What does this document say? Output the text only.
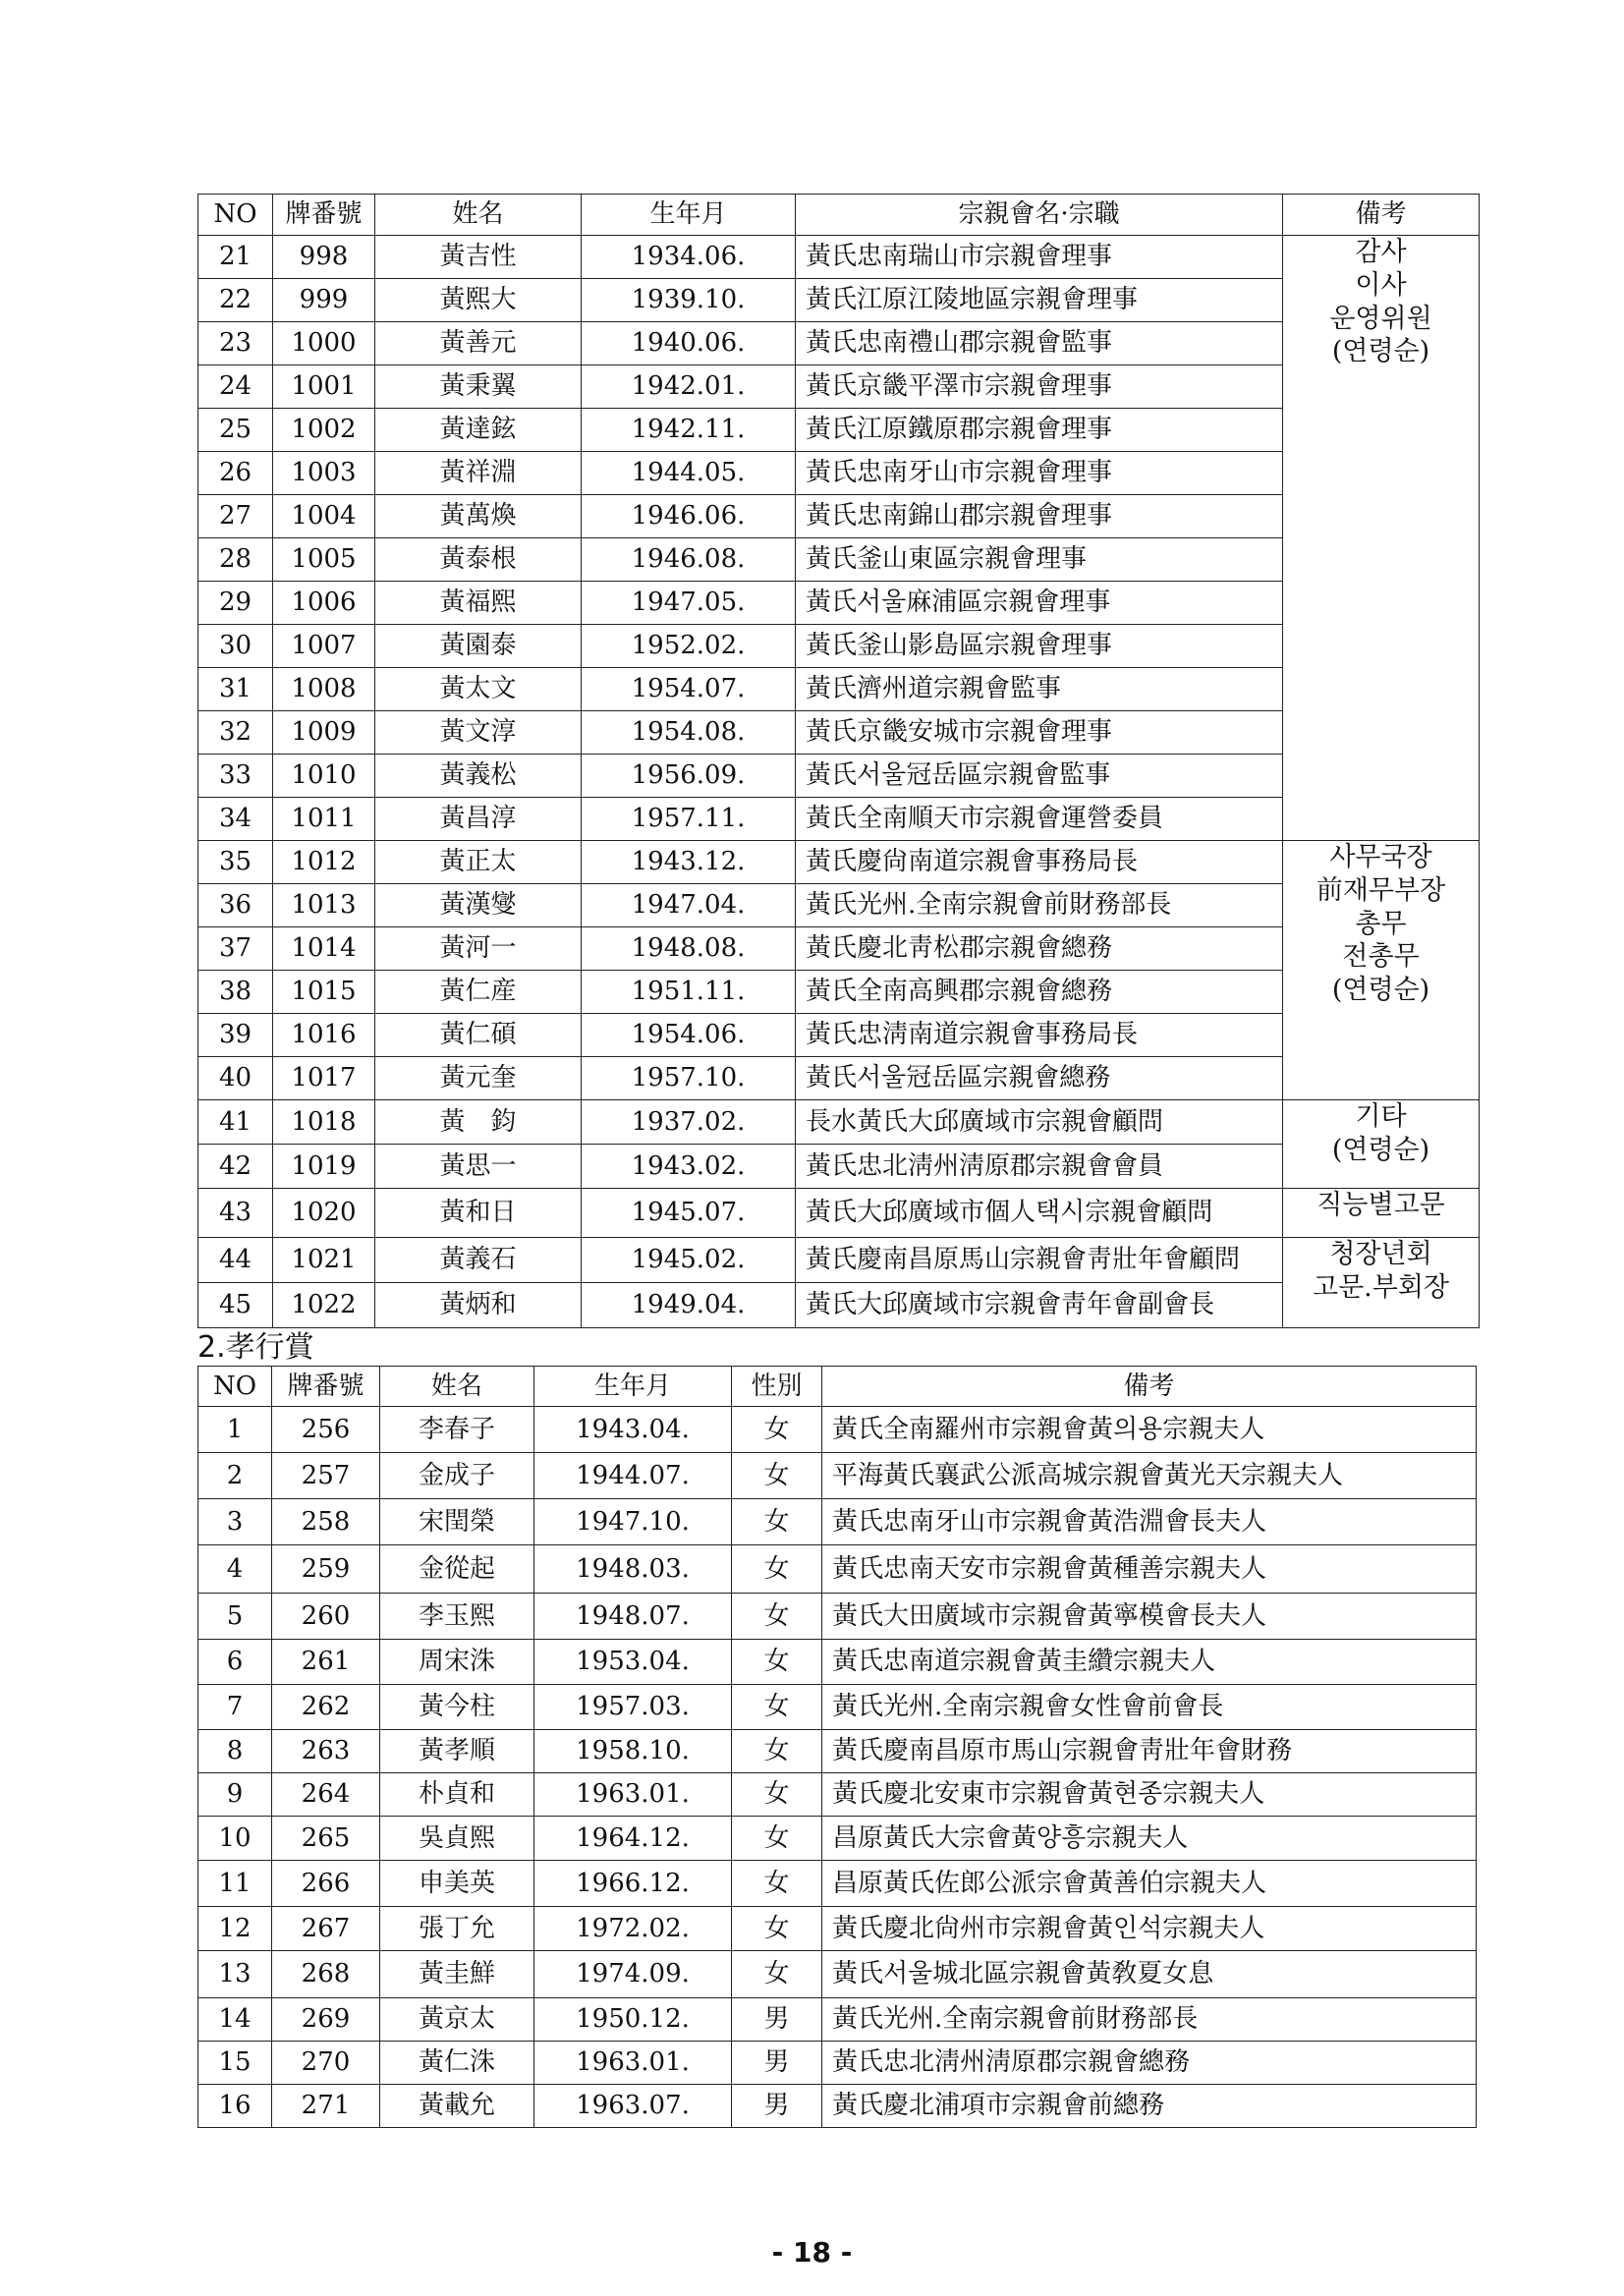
NO	牌番號	姓名	生年月	宗親會名·宗職	備考
21	998	黃吉性	1934.06.	黃氏忠南瑞山市宗親會理事	감사
이사
운영위원
(연령순)

22	999	黃熙大	1939.10.	黃氏江原江陵地區宗親會理事	
23	1000	黃善元	1940.06.	黃氏忠南禮山郡宗親會監事	
24	1001	黃秉翼	1942.01.	黃氏京畿平澤市宗親會理事	
25	1002	黃達鉉	1942.11.	黃氏江原鐵原郡宗親會理事	
26	1003	黃祥淵	1944.05.	黃氏忠南牙山市宗親會理事	
27	1004	黃萬煥	1946.06.	黃氏忠南錦山郡宗親會理事	
28	1005	黃泰根	1946.08.	黃氏釜山東區宗親會理事	
29	1006	黃福熙	1947.05.	黃氏서울麻浦區宗親會理事	
30	1007	黃園泰	1952.02.	黃氏釜山影島區宗親會理事	
31	1008	黃太文	1954.07.	黃氏濟州道宗親會監事	
32	1009	黃文淳	1954.08.	黃氏京畿安城市宗親會理事	
33	1010	黃義松	1956.09.	黃氏서울冠岳區宗親會監事	
34	1011	黃昌淳	1957.11.	黃氏全南順天市宗親會運營委員	
35	1012	黃正太	1943.12.	黃氏慶尙南道宗親會事務局長	사무국장
前재무부장
총무
전총무
(연령순)

36	1013	黃漢燮	1947.04.	黃氏光州.全南宗親會前財務部長	
37	1014	黃河一	1948.08.	黃氏慶北靑松郡宗親會總務	
38	1015	黃仁産	1951.11.	黃氏全南高興郡宗親會總務	
39	1016	黃仁碩	1954.06.	黃氏忠淸南道宗親會事務局長	
40	1017	黃元奎	1957.10.	黃氏서울冠岳區宗親會總務	
41	1018	黃　鈞	1937.02.	長水黃氏大邱廣域市宗親會顧問	기타
(연령순)

42	1019	黃思一	1943.02.	黃氏忠北淸州淸原郡宗親會會員	
43	1020	黃和日	1945.07.	黃氏大邱廣域市個人택시宗親會顧問	직능별고문

44	1021	黃義石	1945.02.	黃氏慶南昌原馬山宗親會靑壯年會顧問	청장년회
고문.부회장

45	1022	黃炳和	1949.04.	黃氏大邱廣域市宗親會靑年會副會長	
2.孝行賞
NO	牌番號	姓名	生年月	性別	備考
1	256	李春子	1943.04.	女	黃氏全南羅州市宗親會黃의용宗親夫人
2	257	金成子	1944.07.	女	平海黃氏襄武公派高城宗親會黃光天宗親夫人
3	258	宋閏榮	1947.10.	女	黃氏忠南牙山市宗親會黃浩淵會長夫人
4	259	金從起	1948.03.	女	黃氏忠南天安市宗親會黃種善宗親夫人
5	260	李玉熙	1948.07.	女	黃氏大田廣域市宗親會黃寧模會長夫人
6	261	周宋洙	1953.04.	女	黃氏忠南道宗親會黃圭纘宗親夫人
7	262	黃今柱	1957.03.	女	黃氏光州.全南宗親會女性會前會長
8	263	黃孝順	1958.10.	女	黃氏慶南昌原市馬山宗親會靑壯年會財務
9	264	朴貞和	1963.01.	女	黃氏慶北安東市宗親會黃현종宗親夫人
10	265	吳貞熙	1964.12.	女	昌原黃氏大宗會黃양흥宗親夫人
11	266	申美英	1966.12.	女	昌原黃氏佐郎公派宗會黃善伯宗親夫人
12	267	張丁允	1972.02.	女	黃氏慶北尙州市宗親會黃인석宗親夫人
13	268	黃圭鮮	1974.09.	女	黃氏서울城北區宗親會黃敎夏女息
14	269	黃京太	1950.12.	男	黃氏光州.全南宗親會前財務部長
15	270	黃仁洙	1963.01.	男	黃氏忠北淸州淸原郡宗親會總務
16	271	黃載允	1963.07.	男	黃氏慶北浦項市宗親會前總務
- 18 -
